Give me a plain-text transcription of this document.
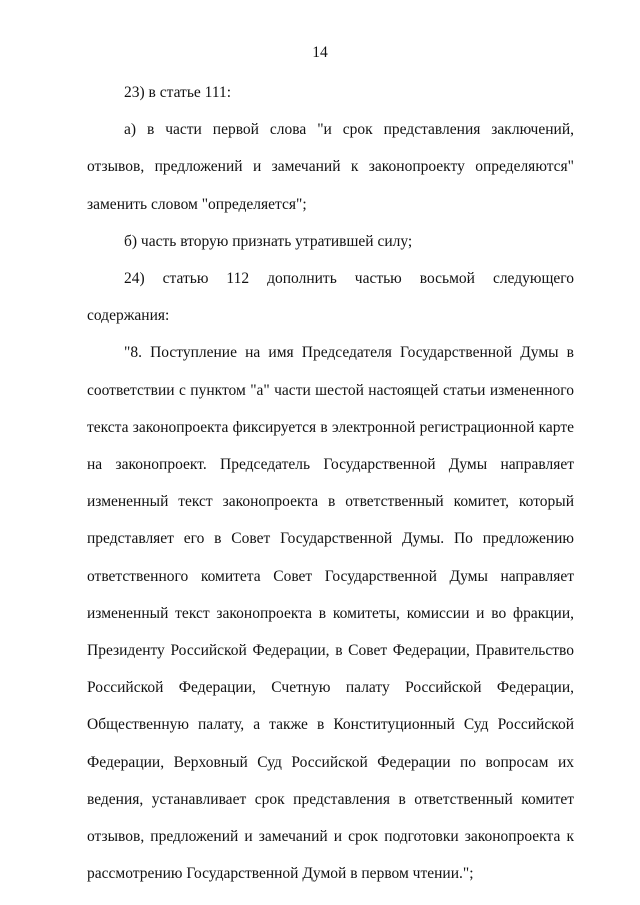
14

23) в статье 111:

а) в части первой слова "и срок представления заключений, отзывов, предложений и замечаний к законопроекту определяются" заменить словом "определяется";

б) часть вторую признать утратившей силу;

24) статью 112 дополнить частью восьмой следующего содержания:

"8. Поступление на имя Председателя Государственной Думы в соответствии с пунктом "а" части шестой настоящей статьи измененного текста законопроекта фиксируется в электронной регистрационной карте на законопроект. Председатель Государственной Думы направляет измененный текст законопроекта в ответственный комитет, который представляет его в Совет Государственной Думы. По предложению ответственного комитета Совет Государственной Думы направляет измененный текст законопроекта в комитеты, комиссии и во фракции, Президенту Российской Федерации, в Совет Федерации, Правительство Российской Федерации, Счетную палату Российской Федерации, Общественную палату, а также в Конституционный Суд Российской Федерации, Верховный Суд Российской Федерации по вопросам их ведения, устанавливает срок представления в ответственный комитет отзывов, предложений и замечаний и срок подготовки законопроекта к рассмотрению Государственной Думой в первом чтении.";
